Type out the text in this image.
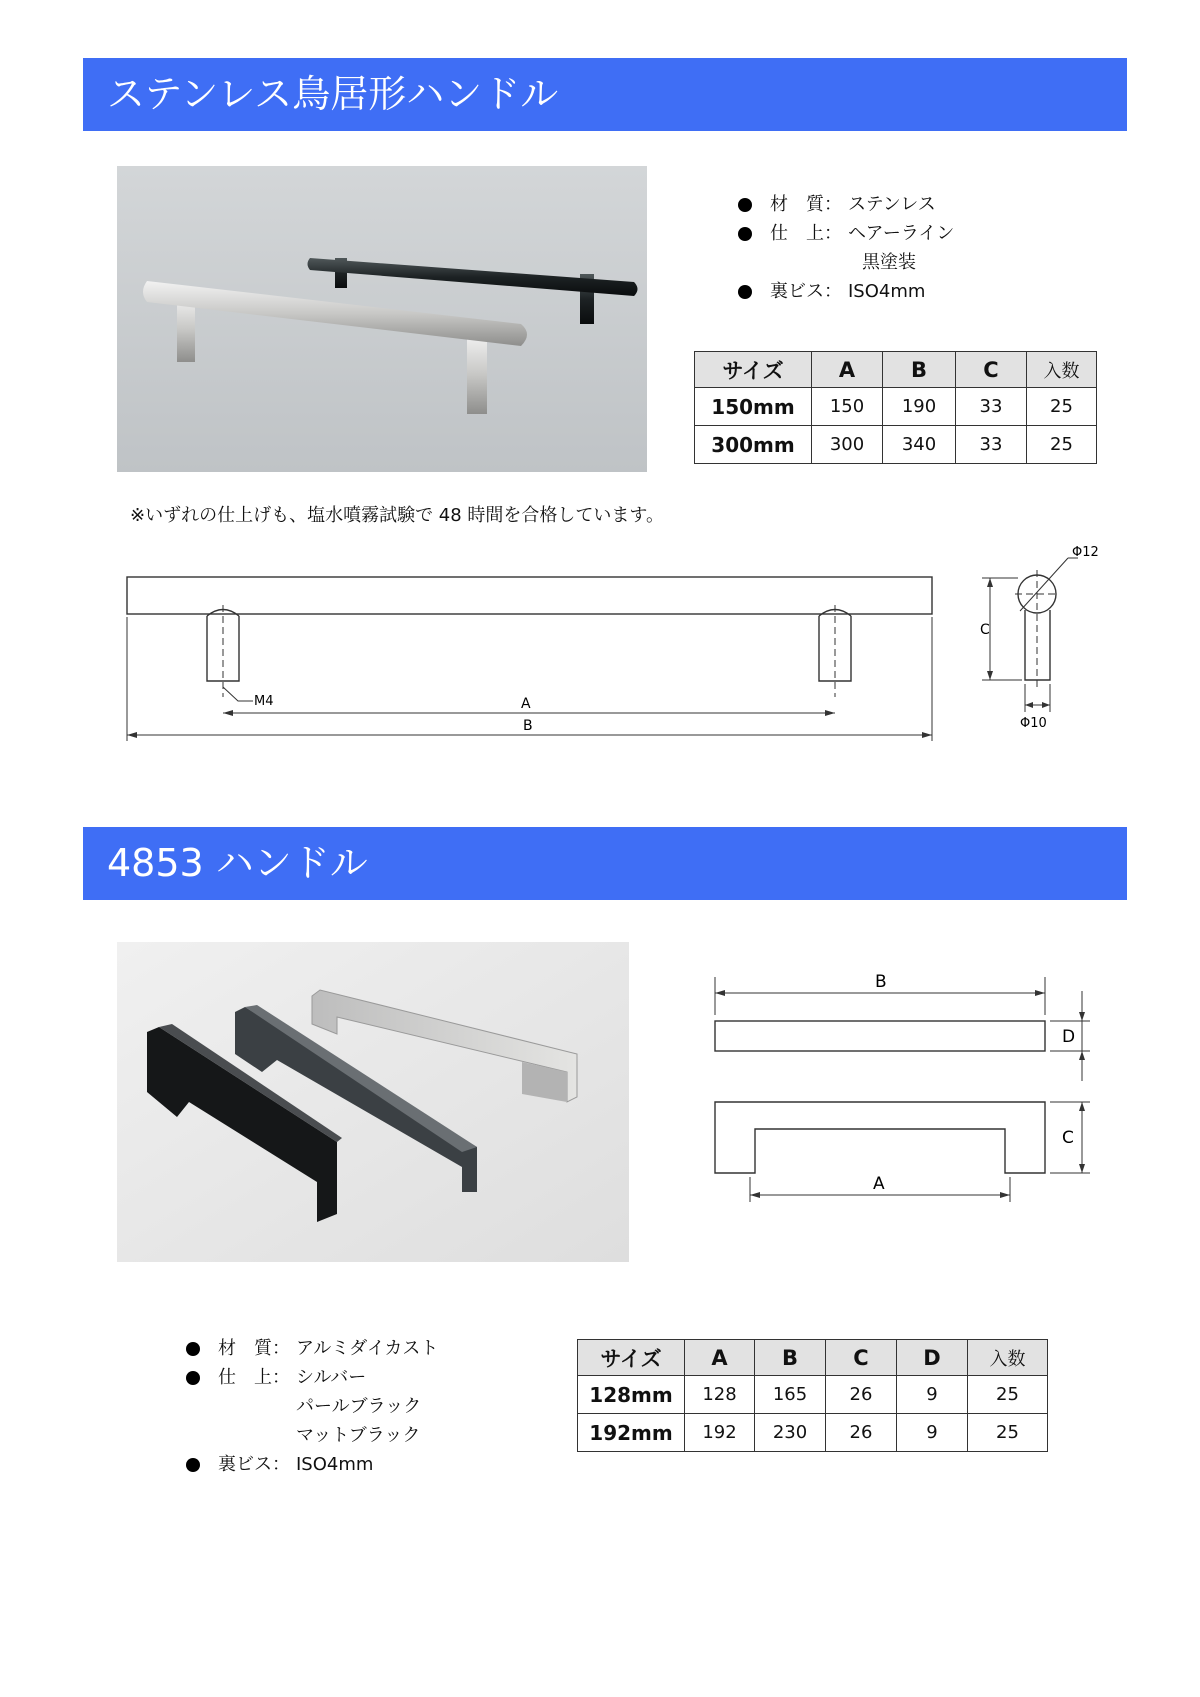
ステンレス鳥居形ハンドル
材　質： ステンレス
仕　上： ヘアーライン
黒塗装
裏ビス： ISO4mm
サイズ	A	B	C	入数
150mm	150	190	33	25
300mm	300	340	33	25
※いずれの仕上げも、塩水噴霧試験で 48 時間を合格しています。
M4	A
B
Φ12
C
Φ10
4853 ハンドル
B
D
C
A
材　質： アルミダイカスト
仕　上： シルバー
パールブラック
マットブラック
裏ビス： ISO4mm
サイズ	A	B	C	D	入数
128mm	128	165	26	9	25
192mm	192	230	26	9	25
